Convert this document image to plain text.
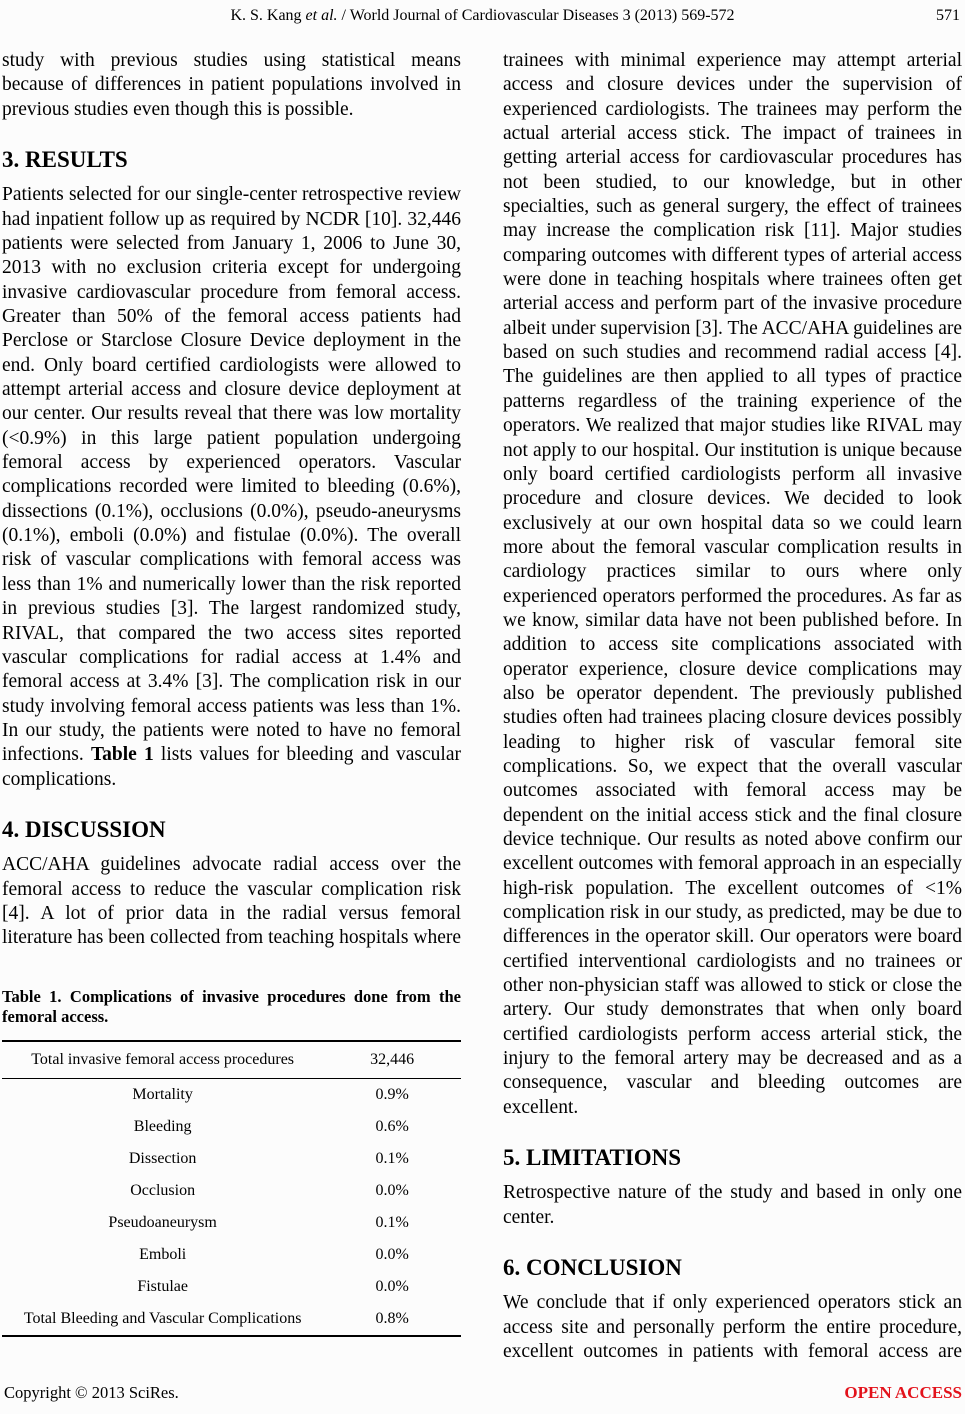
K. S. Kang et al. / World Journal of Cardiovascular Diseases 3 (2013) 569-572	571

study with previous studies using statistical means because of differences in patient populations involved in previous studies even though this is possible.

3. RESULTS

Patients selected for our single-center retrospective review had inpatient follow up as required by NCDR [10]. 32,446 patients were selected from January 1, 2006 to June 30, 2013 with no exclusion criteria except for undergoing invasive cardiovascular procedure from femoral access. Greater than 50% of the femoral access patients had Perclose or Starclose Closure Device deployment in the end. Only board certified cardiologists were allowed to attempt arterial access and closure device deployment at our center. Our results reveal that there was low mortality (<0.9%) in this large patient population undergoing femoral access by experienced operators. Vascular complications recorded were limited to bleeding (0.6%), dissections (0.1%), occlusions (0.0%), pseudo-aneurysms (0.1%), emboli (0.0%) and fistulae (0.0%). The overall risk of vascular complications with femoral access was less than 1% and numerically lower than the risk reported in previous studies [3]. The largest randomized study, RIVAL, that compared the two access sites reported vascular complications for radial access at 1.4% and femoral access at 3.4% [3]. The complication risk in our study involving femoral access patients was less than 1%. In our study, the patients were noted to have no femoral infections. Table 1 lists values for bleeding and vascular complications.

4. DISCUSSION

ACC/AHA guidelines advocate radial access over the femoral access to reduce the vascular complication risk [4]. A lot of prior data in the radial versus femoral literature has been collected from teaching hospitals where

Table 1. Complications of invasive procedures done from the femoral access.
Total invasive femoral access procedures	32,446
Mortality	0.9%
Bleeding	0.6%
Dissection	0.1%
Occlusion	0.0%
Pseudoaneurysm	0.1%
Emboli	0.0%
Fistulae	0.0%
Total Bleeding and Vascular Complications	0.8%

trainees with minimal experience may attempt arterial access and closure devices under the supervision of experienced cardiologists. The trainees may perform the actual arterial access stick. The impact of trainees in getting arterial access for cardiovascular procedures has not been studied, to our knowledge, but in other specialties, such as general surgery, the effect of trainees may increase the complication risk [11]. Major studies comparing outcomes with different types of arterial access were done in teaching hospitals where trainees often get arterial access and perform part of the invasive procedure albeit under supervision [3]. The ACC/AHA guidelines are based on such studies and recommend radial access [4]. The guidelines are then applied to all types of practice patterns regardless of the training experience of the operators. We realized that major studies like RIVAL may not apply to our hospital. Our institution is unique because only board certified cardiologists perform all invasive procedure and closure devices. We decided to look exclusively at our own hospital data so we could learn more about the femoral vascular complication results in cardiology practices similar to ours where only experienced operators performed the procedures. As far as we know, similar data have not been published before. In addition to access site complications associated with operator experience, closure device complications may also be operator dependent. The previously published studies often had trainees placing closure devices possibly leading to higher risk of vascular femoral site complications. So, we expect that the overall vascular outcomes associated with femoral access may be dependent on the initial access stick and the final closure device technique. Our results as noted above confirm our excellent outcomes with femoral approach in an especially high-risk population. The excellent outcomes of <1% complication risk in our study, as predicted, may be due to differences in the operator skill. Our operators were board certified interventional cardiologists and no trainees or other non-physician staff was allowed to stick or close the artery. Our study demonstrates that when only board certified cardiologists perform access arterial stick, the injury to the femoral artery may be decreased and as a consequence, vascular and bleeding outcomes are excellent.

5. LIMITATIONS

Retrospective nature of the study and based in only one center.

6. CONCLUSION

We conclude that if only experienced operators stick an access site and personally perform the entire procedure, excellent outcomes in patients with femoral access are

Copyright © 2013 SciRes.	OPEN ACCESS
